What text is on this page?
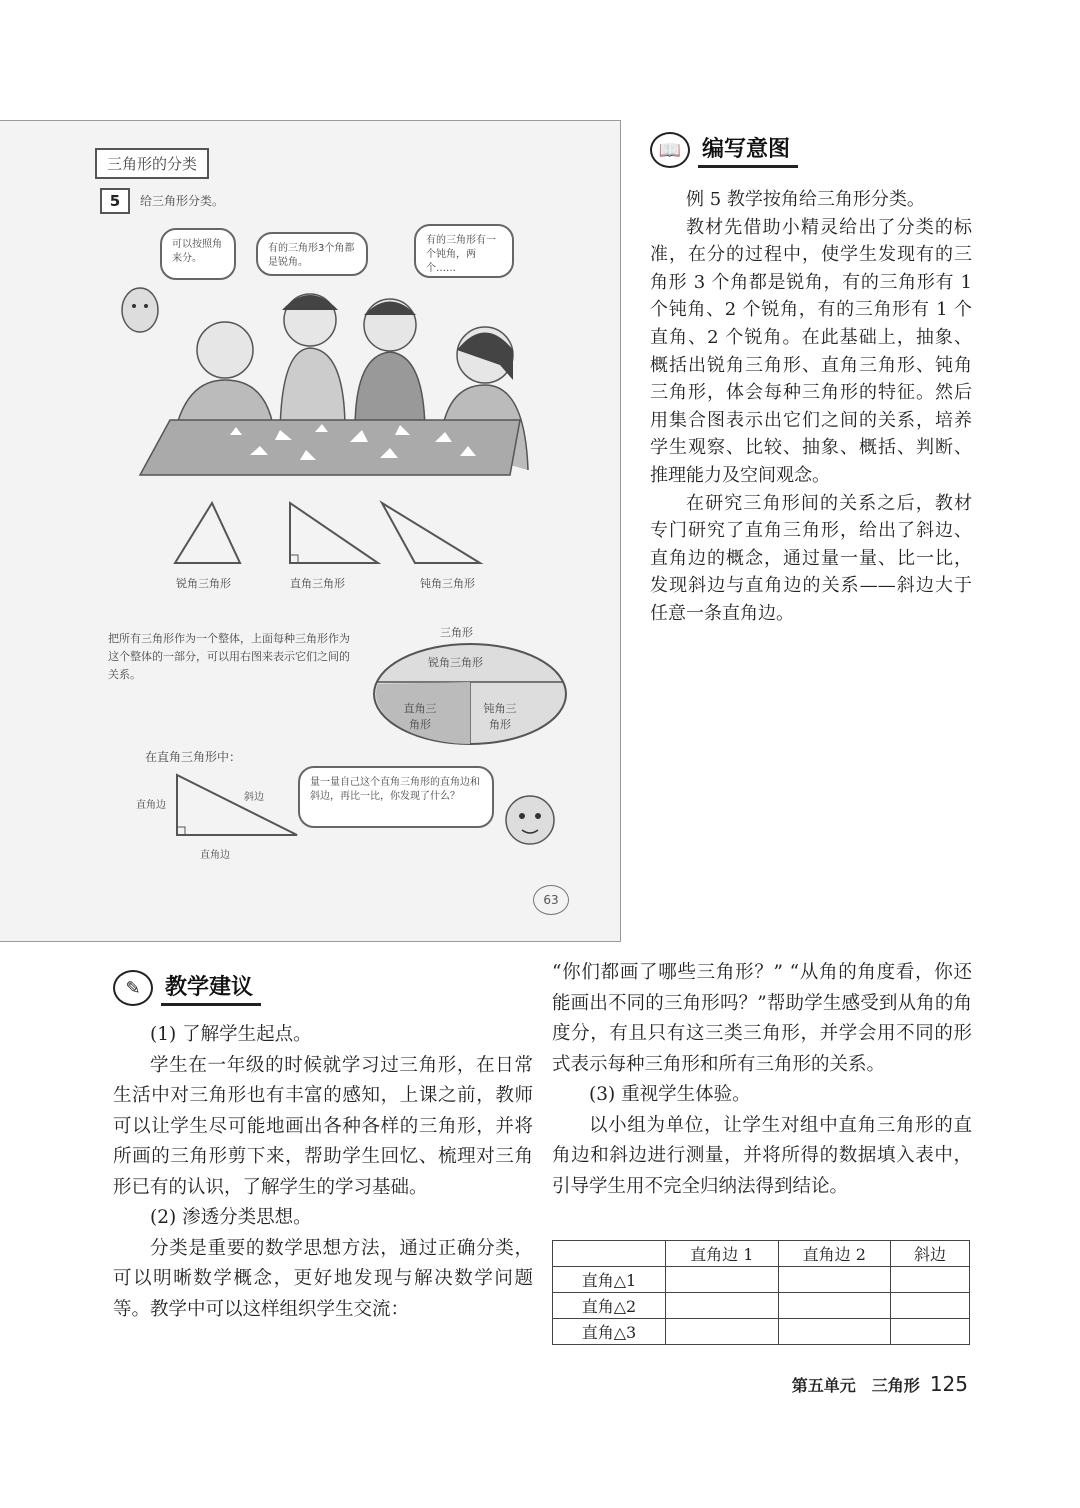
三角形的分类
5	给三角形分类。
可以按照角来分。
有的三角形3个角都是锐角。
有的三角形有一个钝角，两个……
锐角三角形	直角三角形	钝角三角形
把所有三角形作为一个整体，上面每种三角形作为这个整体的一部分，可以用右图来表示它们之间的关系。
三角形
锐角三角形
直角三角形
钝角三角形
在直角三角形中：
直角边
斜边
直角边
量一量自己这个直角三角形的直角边和斜边，再比一比，你发现了什么？
63
📖 编写意图

例 5 教学按角给三角形分类。

教材先借助小精灵给出了分类的标准，在分的过程中，使学生发现有的三角形 3 个角都是锐角，有的三角形有 1 个钝角、2 个锐角，有的三角形有 1 个直角、2 个锐角。在此基础上，抽象、概括出锐角三角形、直角三角形、钝角三角形，体会每种三角形的特征。然后用集合图表示出它们之间的关系，培养学生观察、比较、抽象、概括、判断、推理能力及空间观念。

在研究三角形间的关系之后，教材专门研究了直角三角形，给出了斜边、直角边的概念，通过量一量、比一比，发现斜边与直角边的关系——斜边大于任意一条直角边。

✎	教学建议

(1) 了解学生起点。

学生在一年级的时候就学习过三角形，在日常生活中对三角形也有丰富的感知，上课之前，教师可以让学生尽可能地画出各种各样的三角形，并将所画的三角形剪下来，帮助学生回忆、梳理对三角形已有的认识，了解学生的学习基础。

(2) 渗透分类思想。

分类是重要的数学思想方法，通过正确分类，可以明晰数学概念，更好地发现与解决数学问题等。教学中可以这样组织学生交流：

“你们都画了哪些三角形？” “从角的角度看，你还能画出不同的三角形吗？”帮助学生感受到从角的角度分，有且只有这三类三角形，并学会用不同的形式表示每种三角形和所有三角形的关系。

(3) 重视学生体验。

以小组为单位，让学生对组中直角三角形的直角边和斜边进行测量，并将所得的数据填入表中，引导学生用不完全归纳法得到结论。

	直角边 1	直角边 2	斜边
直角△1			
直角△2			
直角△3			
第五单元　三角形 125
